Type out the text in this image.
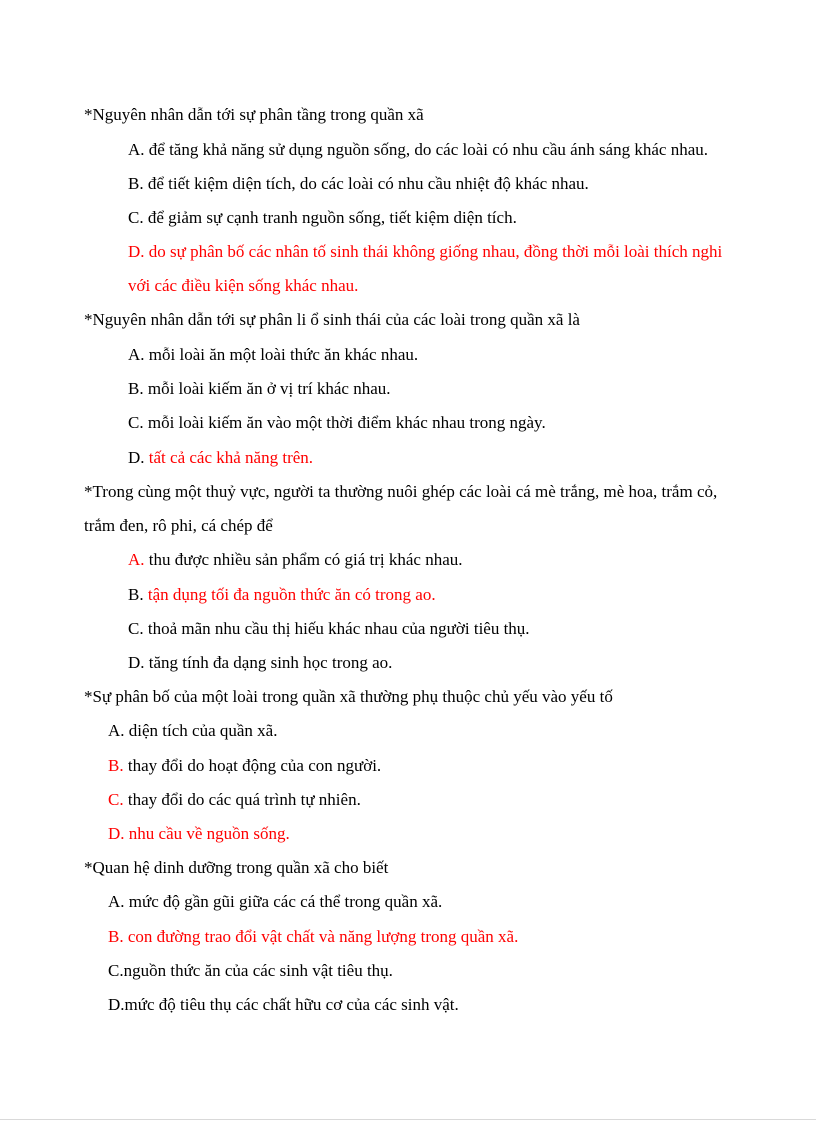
*Nguyên nhân dẫn tới sự phân tầng trong quần xã
A. để tăng khả năng sử dụng nguồn sống, do các loài có nhu cầu ánh sáng khác nhau.
B. để tiết kiệm diện tích, do các loài có nhu cầu nhiệt độ khác nhau.
C. để giảm sự cạnh tranh nguồn sống, tiết kiệm diện tích.
D. do sự phân bố các nhân tố sinh thái không giống nhau, đồng thời mỗi loài thích nghi
với các điều kiện sống khác nhau.
*Nguyên nhân dẫn tới sự phân li ổ sinh thái của các loài trong quần xã là
A. mỗi loài ăn một loài thức ăn khác nhau.
B. mỗi loài kiếm ăn ở vị trí khác nhau.
C. mỗi loài kiếm ăn vào một thời điểm khác nhau trong ngày.
D. tất cả các khả năng trên.
*Trong cùng một thuỷ vực, người ta thường nuôi ghép các loài cá mè trắng, mè hoa, trắm cỏ,
trắm đen, rô phi, cá chép để
A. thu được nhiều sản phẩm có giá trị khác nhau.
B. tận dụng tối đa nguồn thức ăn có trong ao.
C. thoả mãn nhu cầu thị hiếu khác nhau của người tiêu thụ.
D. tăng tính đa dạng sinh học trong ao.
*Sự phân bố của một loài trong quần xã thường phụ thuộc chủ yếu vào yếu tố
A. diện tích của quần xã.
B. thay đổi do hoạt động của con người.
C. thay đổi do các quá trình tự nhiên.
D. nhu cầu về nguồn sống.
*Quan hệ dinh dưỡng trong quần xã cho biết
A. mức độ gần gũi giữa các cá thể trong quần xã.
B. con đường trao đổi vật chất và năng lượng trong quần xã.
C.nguồn thức ăn của các sinh vật tiêu thụ.
D.mức độ tiêu thụ các chất hữu cơ của các sinh vật.
